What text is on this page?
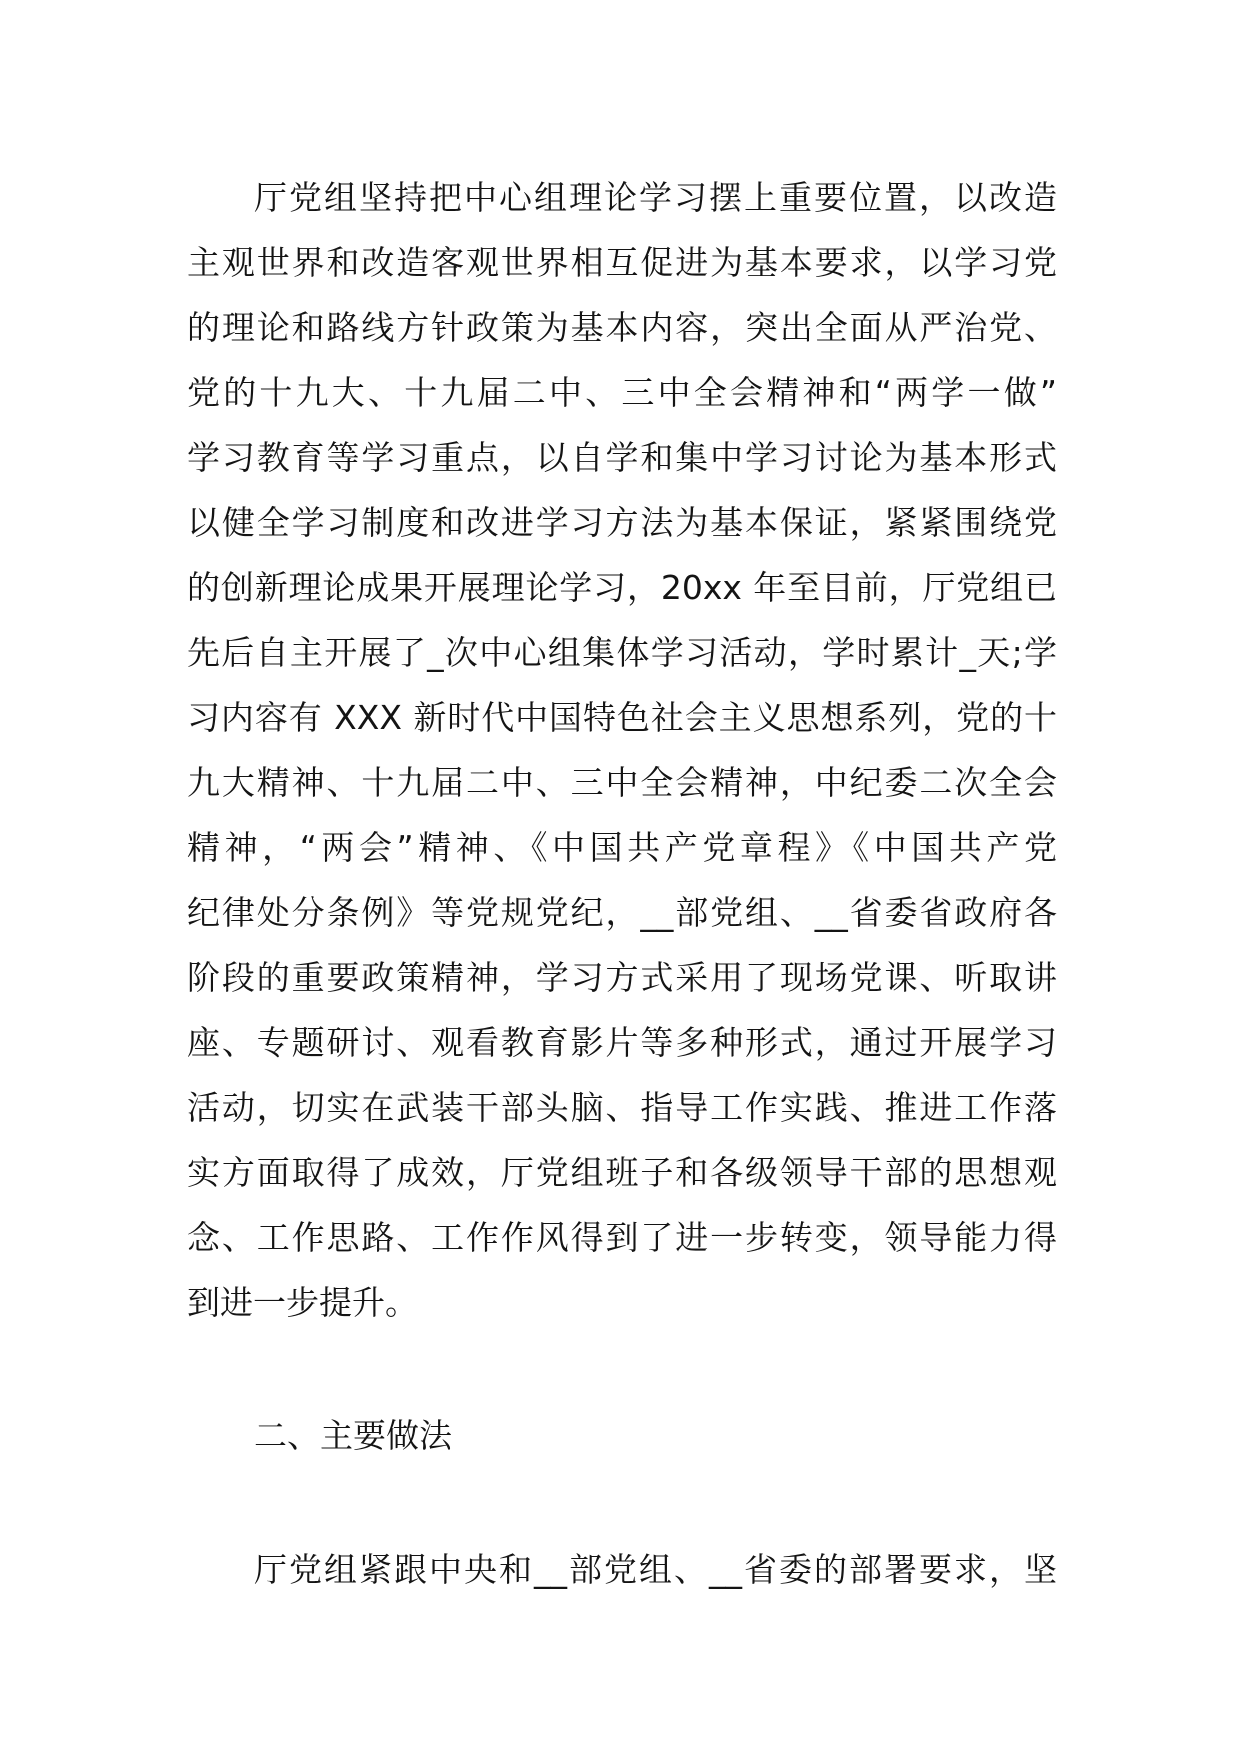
厅党组坚持把中心组理论学习摆上重要位置，以改造
主观世界和改造客观世界相互促进为基本要求，以学习党
的理论和路线方针政策为基本内容，突出全面从严治党、
党的十九大、十九届二中、三中全会精神和“两学一做”
学习教育等学习重点，以自学和集中学习讨论为基本形式
以健全学习制度和改进学习方法为基本保证，紧紧围绕党
的创新理论成果开展理论学习，20xx 年至目前，厅党组已
先后自主开展了_次中心组集体学习活动，学时累计_天;学
习内容有 XXX 新时代中国特色社会主义思想系列，党的十
九大精神、十九届二中、三中全会精神，中纪委二次全会
精神，“两会”精神、《中国共产党章程》《中国共产党
纪律处分条例》等党规党纪，__部党组、__省委省政府各
阶段的重要政策精神，学习方式采用了现场党课、听取讲
座、专题研讨、观看教育影片等多种形式，通过开展学习
活动，切实在武装干部头脑、指导工作实践、推进工作落
实方面取得了成效，厅党组班子和各级领导干部的思想观
念、工作思路、工作作风得到了进一步转变，领导能力得
到进一步提升。
二、主要做法
厅党组紧跟中央和__部党组、__省委的部署要求，坚
